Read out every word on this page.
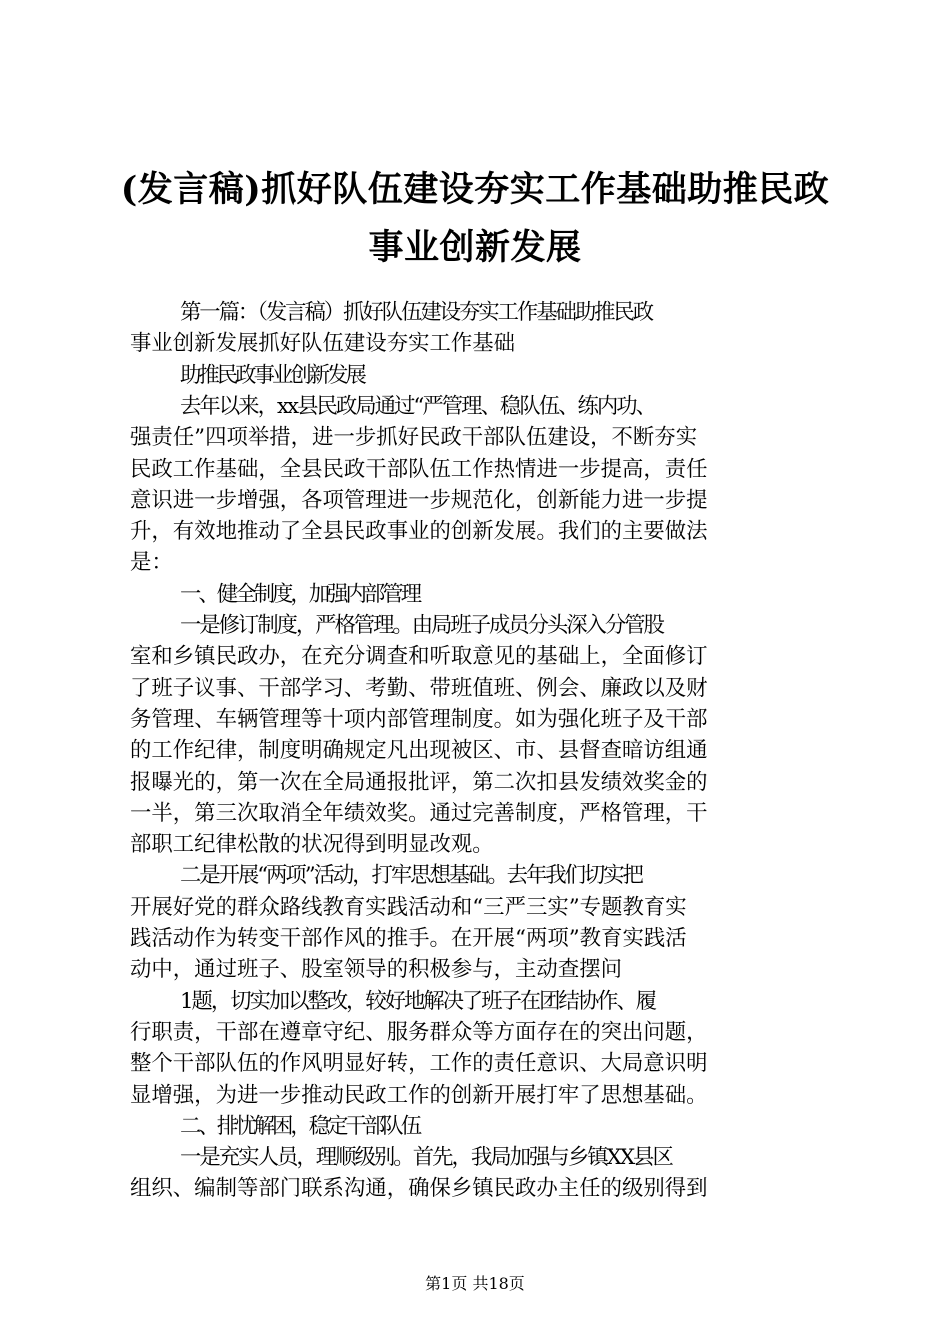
(发言稿)抓好队伍建设夯实工作基础助推民政
事业创新发展
第一篇：（发言稿）抓好队伍建设夯实工作基础助推民政
事业创新发展抓好队伍建设夯实工作基础
助推民政事业创新发展
去年以来，xx县民政局通过“严管理、稳队伍、练内功、
强责任”四项举措，进一步抓好民政干部队伍建设，不断夯实
民政工作基础，全县民政干部队伍工作热情进一步提高，责任
意识进一步增强，各项管理进一步规范化，创新能力进一步提
升，有效地推动了全县民政事业的创新发展。我们的主要做法
是：
一、健全制度，加强内部管理
一是修订制度，严格管理。由局班子成员分头深入分管股
室和乡镇民政办，在充分调查和听取意见的基础上，全面修订
了班子议事、干部学习、考勤、带班值班、例会、廉政以及财
务管理、车辆管理等十项内部管理制度。如为强化班子及干部
的工作纪律，制度明确规定凡出现被区、市、县督查暗访组通
报曝光的，第一次在全局通报批评，第二次扣县发绩效奖金的
一半，第三次取消全年绩效奖。通过完善制度，严格管理，干
部职工纪律松散的状况得到明显改观。
二是开展“两项”活动，打牢思想基础。去年我们切实把
开展好党的群众路线教育实践活动和“三严三实”专题教育实
践活动作为转变干部作风的推手。在开展“两项”教育实践活
动中，通过班子、股室领导的积极参与，主动查摆问
1题，切实加以整改，较好地解决了班子在团结协作、履
行职责，干部在遵章守纪、服务群众等方面存在的突出问题，
整个干部队伍的作风明显好转，工作的责任意识、大局意识明
显增强，为进一步推动民政工作的创新开展打牢了思想基础。
二、排忧解困，稳定干部队伍
一是充实人员，理顺级别。首先，我局加强与乡镇XX县区
组织、编制等部门联系沟通，确保乡镇民政办主任的级别得到
第1页 共18页
